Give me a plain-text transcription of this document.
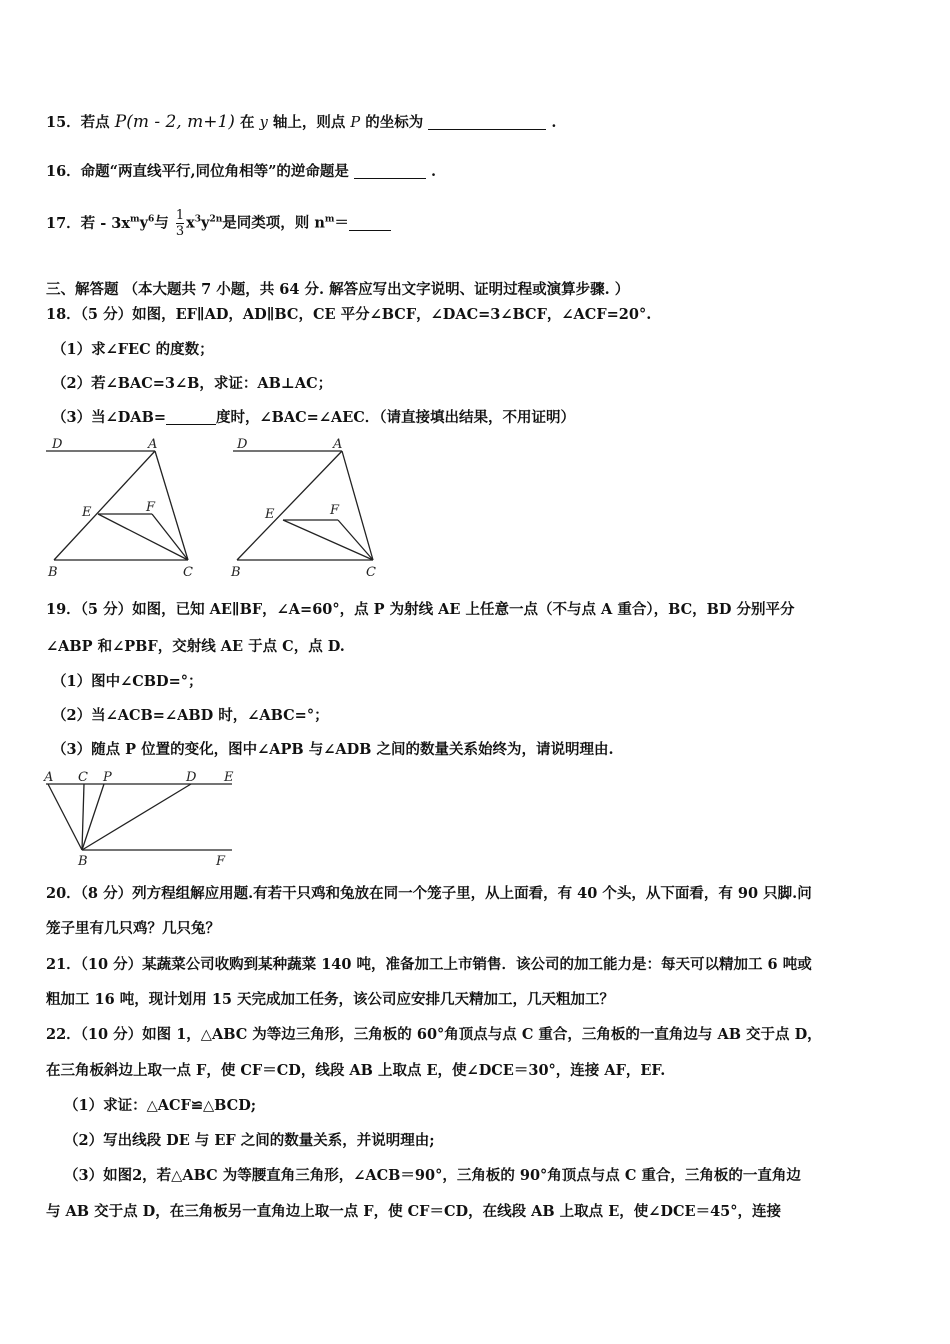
15．若点 P(m - 2, m+1) 在 y 轴上，则点 P 的坐标为	.
16．命题“两直线平行,同位角相等”的逆命题是	.
17．若 - $3x^my^6$与 $\frac{1}{3} x^3y^{2n}$是同类项，则 $n^m=$
三、解答题 （本大题共 7 小题，共 64 分. 解答应写出文字说明、证明过程或演算步骤. ）
18．（5 分）如图，EF∥AD，AD∥BC，CE 平分∠BCF，∠DAC=3∠BCF，∠ACF=20°.
（1）求∠FEC 的度数；
（2）若∠BAC=3∠B，求证：AB⊥AC；
（3）当∠DAB=	度时，∠BAC=∠AEC．（请直接填出结果，不用证明）
D	A
E	F
B	C
D	A
E	F
B	C
19．（5 分）如图，已知 AE∥BF，∠A=60°，点 P 为射线 AE 上任意一点（不与点 A 重合），BC，BD 分别平分
∠ABP 和∠PBF，交射线 AE 于点 C，点 D.
（1）图中∠CBD=°；
（2）当∠ACB=∠ABD 时，∠ABC=°；
（3）随点 P 位置的变化，图中∠APB 与∠ADB 之间的数量关系始终为，请说明理由.
A C P	D E
B	F
20．（8 分）列方程组解应用题.有若干只鸡和兔放在同一个笼子里，从上面看，有 40 个头，从下面看，有 90 只脚.问
笼子里有几只鸡？几只兔？
21．（10 分）某蔬菜公司收购到某种蔬菜 140 吨，准备加工上市销售．该公司的加工能力是：每天可以精加工 6 吨或
粗加工 16 吨，现计划用 15 天完成加工任务，该公司应安排几天精加工，几天粗加工？
22．（10 分）如图 1，△ABC 为等边三角形，三角板的 60°角顶点与点 C 重合，三角板的一直角边与 AB 交于点 D，
在三角板斜边上取一点 F，使 CF＝CD，线段 AB 上取点 E，使∠DCE＝30°，连接 AF，EF.
（1）求证：△ACF≌△BCD;
（2）写出线段 DE 与 EF 之间的数量关系，并说明理由;
（3）如图2，若△ABC 为等腰直角三角形，∠ACB＝90°，三角板的 90°角顶点与点 C 重合，三角板的一直角边
与 AB 交于点 D，在三角板另一直角边上取一点 F，使 CF＝CD，在线段 AB 上取点 E，使∠DCE＝45°，连接
